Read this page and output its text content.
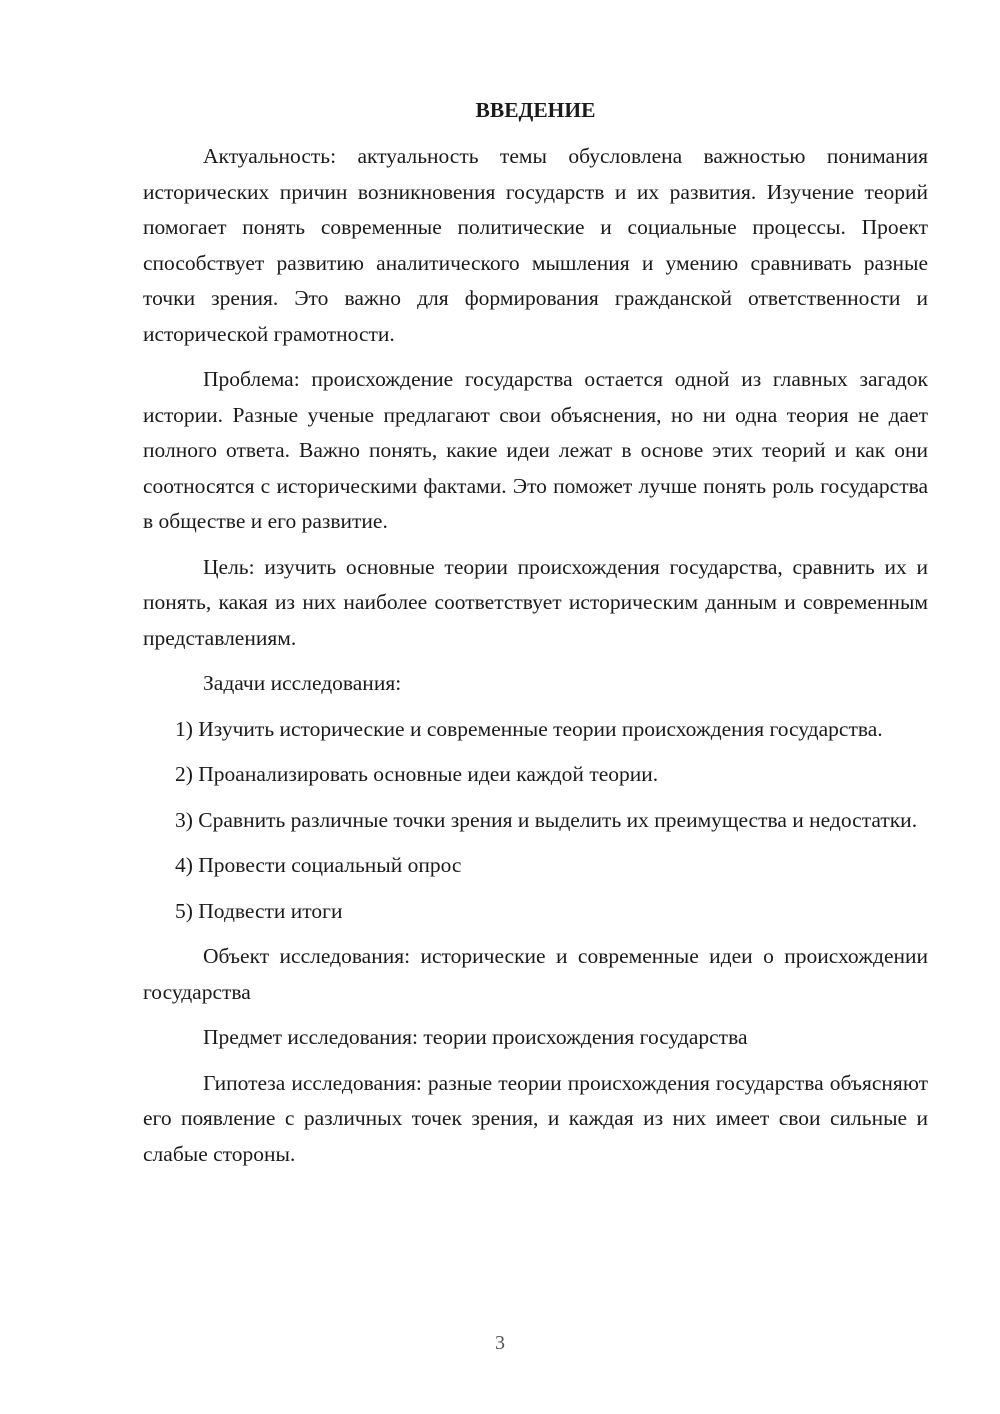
ВВЕДЕНИЕ
Актуальность: актуальность темы обусловлена важностью понимания исторических причин возникновения государств и их развития. Изучение теорий помогает понять современные политические и социальные процессы. Проект способствует развитию аналитического мышления и умению сравнивать разные точки зрения. Это важно для формирования гражданской ответственности и исторической грамотности.
Проблема: происхождение государства остается одной из главных загадок истории. Разные ученые предлагают свои объяснения, но ни одна теория не дает полного ответа. Важно понять, какие идеи лежат в основе этих теорий и как они соотносятся с историческими фактами. Это поможет лучше понять роль государства в обществе и его развитие.
Цель: изучить основные теории происхождения государства, сравнить их и понять, какая из них наиболее соответствует историческим данным и современным представлениям.
Задачи исследования:
1) Изучить исторические и современные теории происхождения государства.
2) Проанализировать основные идеи каждой теории.
3) Сравнить различные точки зрения и выделить их преимущества и недостатки.
4) Провести социальный опрос
5) Подвести итоги
Объект исследования: исторические и современные идеи о происхождении государства
Предмет исследования: теории происхождения государства
Гипотеза исследования: разные теории происхождения государства объясняют его появление с различных точек зрения, и каждая из них имеет свои сильные и слабые стороны.
3
